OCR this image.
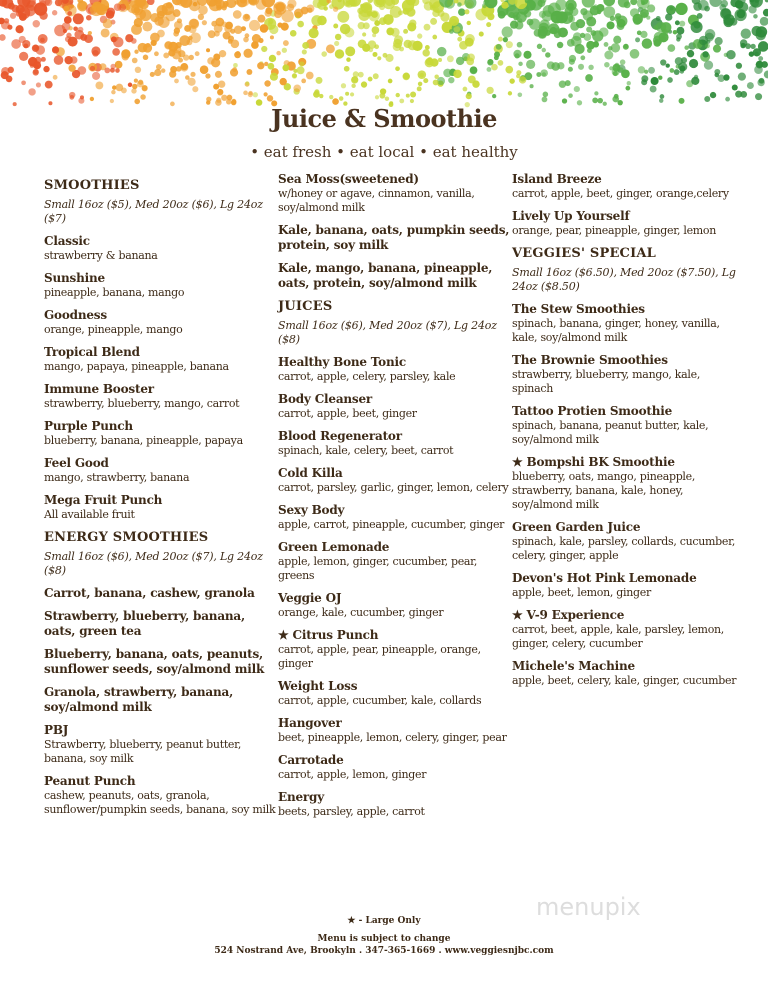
Juice & Smoothie
• eat fresh • eat local • eat healthy
SMOOTHIES
Small 16oz ($5), Med 20oz ($6), Lg 24oz ($7)
Classic
strawberry & banana
Sunshine
pineapple, banana, mango
Goodness
orange, pineapple, mango
Tropical Blend
mango, papaya, pineapple, banana
Immune Booster
strawberry, blueberry, mango, carrot
Purple Punch
blueberry, banana, pineapple, papaya
Feel Good
mango, strawberry, banana
Mega Fruit Punch
All available fruit
ENERGY SMOOTHIES
Small 16oz ($6), Med 20oz ($7), Lg 24oz ($8)
Carrot, banana, cashew, granola
Strawberry, blueberry, banana, oats, green tea
Blueberry, banana, oats, peanuts, sunflower seeds, soy/almond milk
Granola, strawberry, banana, soy/almond milk
PBJ
Strawberry, blueberry, peanut butter, banana, soy milk
Peanut Punch
cashew, peanuts, oats, granola, sunflower/pumpkin seeds, banana, soy milk
Sea Moss(sweetened)
w/honey or agave, cinnamon, vanilla, soy/almond milk
Kale, banana, oats, pumpkin seeds, protein, soy milk
Kale, mango, banana, pineapple, oats, protein, soy/almond milk
JUICES
Small 16oz ($6), Med 20oz ($7), Lg 24oz ($8)
Healthy Bone Tonic
carrot, apple, celery, parsley, kale
Body Cleanser
carrot, apple, beet, ginger
Blood Regenerator
spinach, kale, celery, beet, carrot
Cold Killa
carrot, parsley, garlic, ginger, lemon, celery
Sexy Body
apple, carrot, pineapple, cucumber, ginger
Green Lemonade
apple, lemon, ginger, cucumber, pear, greens
Veggie OJ
orange, kale, cucumber, ginger
★ Citrus Punch
carrot, apple, pear, pineapple, orange, ginger
Weight Loss
carrot, apple, cucumber, kale, collards
Hangover
beet, pineapple, lemon, celery, ginger, pear
Carrotade
carrot, apple, lemon, ginger
Energy
beets, parsley, apple, carrot
Island Breeze
carrot, apple, beet, ginger, orange,celery
Lively Up Yourself
orange, pear, pineapple, ginger, lemon
VEGGIES' SPECIAL
Small 16oz ($6.50), Med 20oz ($7.50), Lg 24oz ($8.50)
The Stew Smoothies
spinach, banana, ginger, honey, vanilla, kale, soy/almond milk
The Brownie Smoothies
strawberry, blueberry, mango, kale, spinach
Tattoo Protien Smoothie
spinach, banana, peanut butter, kale, soy/almond milk
★ Bompshi BK Smoothie
blueberry, oats, mango, pineapple, strawberry, banana, kale, honey, soy/almond milk
Green Garden Juice
spinach, kale, parsley, collards, cucumber, celery, ginger, apple
Devon's Hot Pink Lemonade
apple, beet, lemon, ginger
★ V-9 Experience
carrot, beet, apple, kale, parsley, lemon, ginger, celery, cucumber
Michele's Machine
apple, beet, celery, kale, ginger, cucumber
★ - Large Only
Menu is subject to change
524 Nostrand Ave, Brookyln . 347-365-1669 . www.veggiesnjbc.com
menupix
